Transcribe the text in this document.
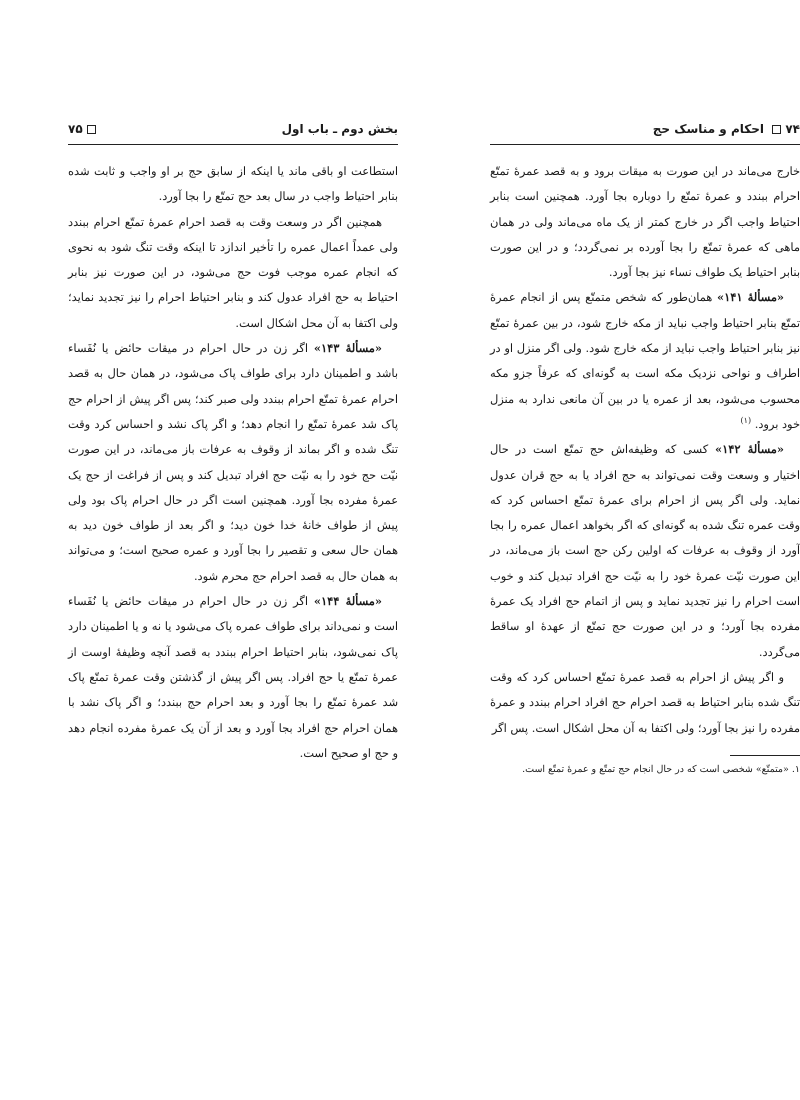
۷۴
احکام و مناسک حج

خارج می‌ماند در این صورت به میقات برود و به قصد عمرهٔ تمتّع احرام ببندد و عمرهٔ تمتّع را دوباره بجا آورد. همچنین است بنابر احتیاط واجب اگر در خارج کمتر از یک ماه می‌ماند ولی در همان ماهی که عمرهٔ تمتّع را بجا آورده بر نمی‌گردد؛ و در این صورت بنابر احتیاط یک طواف نساء نیز بجا آورد.

«مسألهٔ ۱۴۱» همان‌طور که شخص متمتّع پس از انجام عمرهٔ تمتّع بنابر احتیاط واجب نباید از مکه خارج شود، در بین عمرهٔ تمتّع نیز بنابر احتیاط واجب نباید از مکه خارج شود. ولی اگر منزل او در اطراف و نواحی نزدیک مکه است به گونه‌ای که عرفاً جزو مکه محسوب می‌شود، بعد از عمره یا در بین آن مانعی ندارد به منزل خود برود. $^{(۱)}$

«مسألهٔ ۱۴۲» کسی که وظیفه‌اش حج تمتّع است در حال اختیار و وسعت وقت نمی‌تواند به حج افراد یا به حج قران عدول نماید. ولی اگر پس از احرام برای عمرهٔ تمتّع احساس کرد که وقت عمره تنگ شده به گونه‌ای که اگر بخواهد اعمال عمره را بجا آورد از وقوف به عرفات که اولین رکن حج است باز می‌ماند، در این صورت نیّت عمرهٔ خود را به نیّت حج افراد تبدیل کند و خوب است احرام را نیز تجدید نماید و پس از اتمام حج افراد یک عمرهٔ مفرده بجا آورد؛ و در این صورت حج تمتّع از عهدهٔ او ساقط می‌گردد.

و اگر پیش از احرام به قصد عمرهٔ تمتّع احساس کرد که وقت تنگ شده بنابر احتیاط به قصد احرام حج افراد احرام ببندد و عمرهٔ مفرده را نیز بجا آورد؛ ولی اکتفا به آن محل اشکال است. پس اگر

۱. «متمتّع» شخصی است که در حال انجام حج تمتّع و عمرهٔ تمتّع است.
بخش دوم ـ باب اول
۷۵

استطاعت او باقی ماند یا اینکه از سابق حج بر او واجب و ثابت شده بنابر احتیاط واجب در سال بعد حج تمتّع را بجا آورد.

همچنین اگر در وسعت وقت به قصد احرام عمرهٔ تمتّع احرام ببندد ولی عمداً اعمال عمره را تأخیر اندازد تا اینکه وقت تنگ شود به نحوی که انجام عمره موجب فوت حج می‌شود، در این صورت نیز بنابر احتیاط به حج افراد عدول کند و بنابر احتیاط احرام را نیز تجدید نماید؛ ولی اکتفا به آن محل اشکال است.

«مسألهٔ ۱۴۳» اگر زن در حال احرام در میقات حائض یا نُفَساء باشد و اطمینان دارد برای طواف پاک می‌شود، در همان حال به قصد احرام عمرهٔ تمتّع احرام ببندد ولی صبر کند؛ پس اگر پیش از احرام حج پاک شد عمرهٔ تمتّع را انجام دهد؛ و اگر پاک نشد و احساس کرد وقت تنگ شده و اگر بماند از وقوف به عرفات باز می‌ماند، در این صورت نیّت حج خود را به نیّت حج افراد تبدیل کند و پس از فراغت از حج یک عمرهٔ مفرده بجا آورد. همچنین است اگر در حال احرام پاک بود ولی پیش از طواف خانهٔ خدا خون دید؛ و اگر بعد از طواف خون دید به همان حال سعی و تقصیر را بجا آورد و عمره صحیح است؛ و می‌تواند به همان حال به قصد احرام حج محرم شود.

«مسألهٔ ۱۴۴» اگر زن در حال احرام در میقات حائض یا نُفَساء است و نمی‌داند برای طواف عمره پاک می‌شود یا نه و یا اطمینان دارد پاک نمی‌شود، بنابر احتیاط احرام ببندد به قصد آنچه وظیفهٔ اوست از عمرهٔ تمتّع یا حج افراد. پس اگر پیش از گذشتن وقت عمرهٔ تمتّع پاک شد عمرهٔ تمتّع را بجا آورد و بعد احرام حج ببندد؛ و اگر پاک نشد با همان احرام حج افراد بجا آورد و بعد از آن یک عمرهٔ مفرده انجام دهد و حج او صحیح است.
